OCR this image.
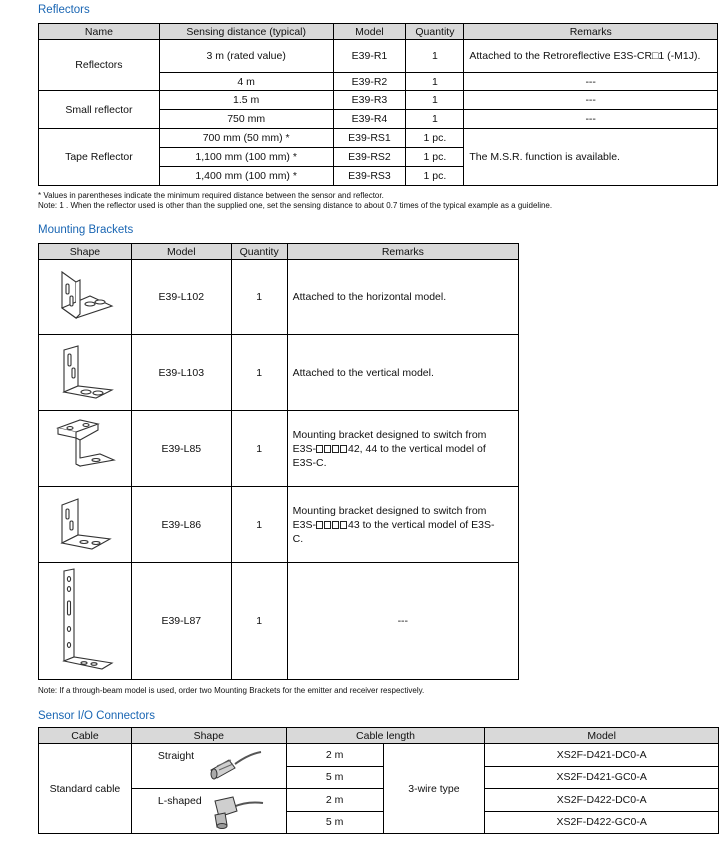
Reflectors
Name	Sensing distance (typical)	Model	Quantity	Remarks
Reflectors	3 m (rated value)	E39-R1	1	Attached to the Retroreflective E3S-CR□1 (-M1J).
	4 m	E39-R2	1	---
Small reflector	1.5 m	E39-R3	1	---
	750 mm	E39-R4	1	---
Tape Reflector	700 mm (50 mm) *	E39-RS1	1 pc.	The M.S.R. function is available.
	1,100 mm (100 mm) *	E39-RS2	1 pc.	
	1,400 mm (100 mm) *	E39-RS3	1 pc.	
* Values in parentheses indicate the minimum required distance between the sensor and reflector.
Note: 1 . When the reflector used is other than the supplied one, set the sensing distance to about 0.7 times of the typical example as a guideline.
Mounting Brackets
Shape	Model	Quantity	Remarks

	E39-L102	1	Attached to the horizontal model.

	E39-L103	1	Attached to the vertical model.

	E39-L85	1	Mounting bracket designed to switch from
E3S- 42, 44 to the vertical model of
E3S-C.

	E39-L86	1	Mounting bracket designed to switch from
E3S- 43 to the vertical model of E3S-
C.

	E39-L87	1	---
Note: If a through-beam model is used, order two Mounting Brackets for the emitter and receiver respectively.
Sensor I/O Connectors
Cable	Shape	Cable length		Model
Standard cable	Straight	2 m	3-wire type	XS2F-D421-DC0-A
		5 m		XS2F-D421-GC0-A

	L-shaped	2 m		XS2F-D422-DC0-A
		5 m		XS2F-D422-GC0-A
